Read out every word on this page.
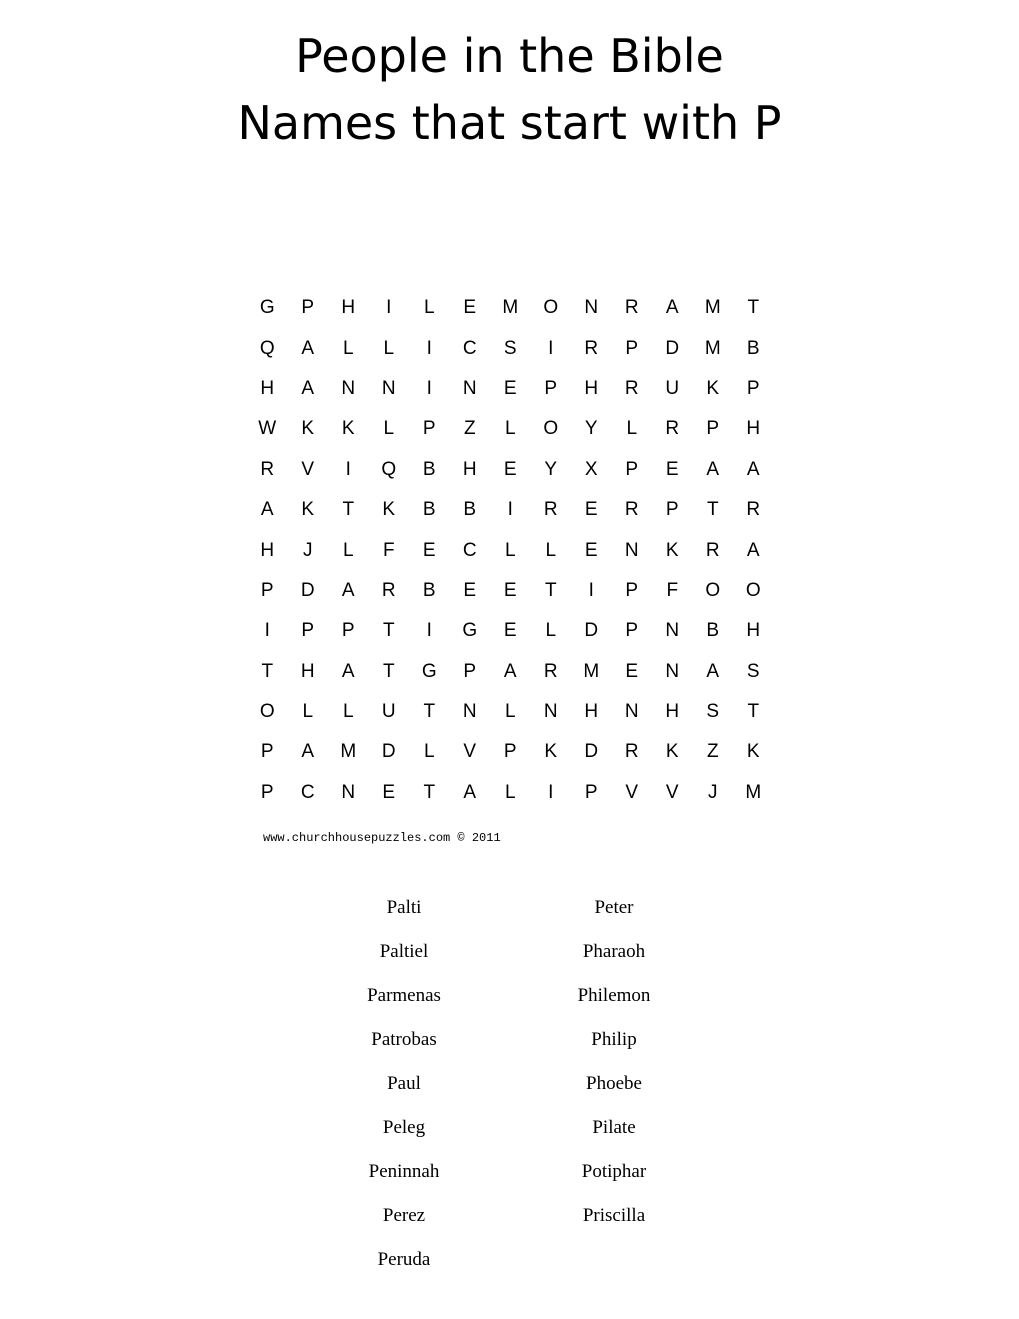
People in the Bible
Names that start with P
G	P	H	I	L	E	M	O	N	R	A	M	T
Q	A	L	L	I	C	S	I	R	P	D	M	B
H	A	N	N	I	N	E	P	H	R	U	K	P
W	K	K	L	P	Z	L	O	Y	L	R	P	H
R	V	I	Q	B	H	E	Y	X	P	E	A	A
A	K	T	K	B	B	I	R	E	R	P	T	R
H	J	L	F	E	C	L	L	E	N	K	R	A
P	D	A	R	B	E	E	T	I	P	F	O	O
I	P	P	T	I	G	E	L	D	P	N	B	H
T	H	A	T	G	P	A	R	M	E	N	A	S
O	L	L	U	T	N	L	N	H	N	H	S	T
P	A	M	D	L	V	P	K	D	R	K	Z	K
P	C	N	E	T	A	L	I	P	V	V	J	M
www.churchhousepuzzles.com © 2011
Palti
Paltiel
Parmenas
Patrobas
Paul
Peleg
Peninnah
Perez
Peruda
Peter
Pharaoh
Philemon
Philip
Phoebe
Pilate
Potiphar
Priscilla
